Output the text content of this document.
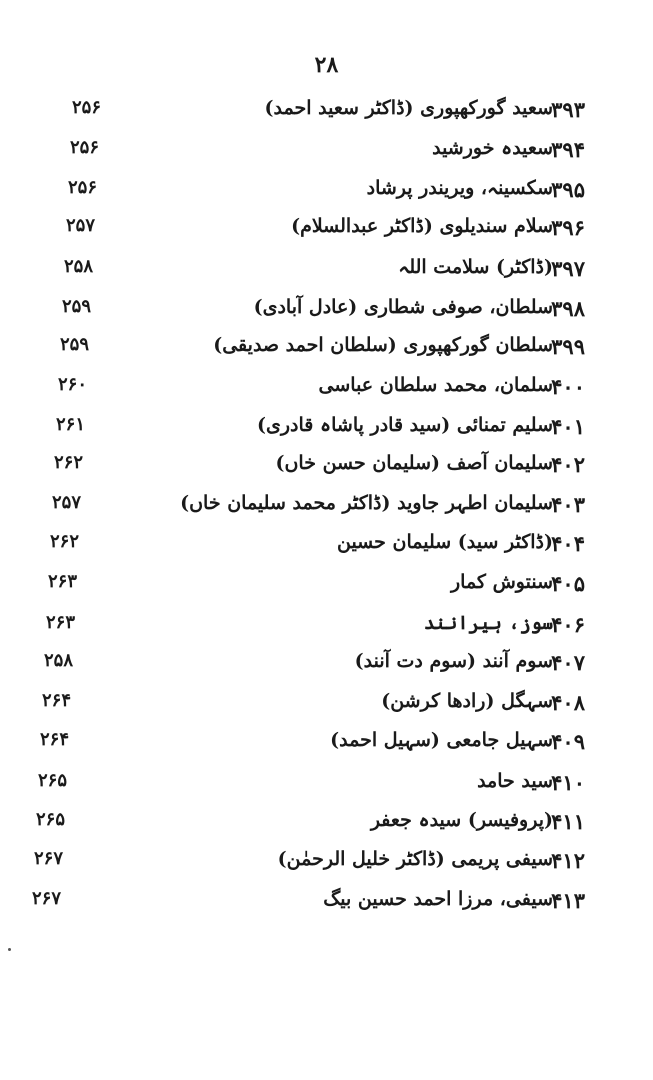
۲۸
۳۹۳
سعید گورکھپوری (ڈاکٹر سعید احمد)
۲۵۶
۳۹۴
سعیدہ خورشید
۲۵۶
۳۹۵
سکسینہ، ویریندر پرشاد
۲۵۶
۳۹۶
سلام سندیلوی (ڈاکٹر عبدالسلام)
۲۵۷
۳۹۷
(ڈاکٹر) سلامت اللہ
۲۵۸
۳۹۸
سلطان، صوفی شطاری (عادل آبادی)
۲۵۹
۳۹۹
سلطان گورکھپوری (سلطان احمد صدیقی)
۲۵۹
۴۰۰
سلمان، محمد سلطان عباسی
۲۶۰
۴۰۱
سلیم تمنائی (سید قادر پاشاہ قادری)
۲۶۱
۴۰۲
سلیمان آصف (سلیمان حسن خاں)
۲۶۲
۴۰۳
سلیمان اطہر جاوید (ڈاکٹر محمد سلیمان خاں)
۲۵۷
۴۰۴
(ڈاکٹر سید) سلیمان حسین
۲۶۲
۴۰۵
سنتوش کمار
۲۶۳
۴۰۶
سوز، ہیرانند
۲۶۳
۴۰۷
سوم آنند (سوم دت آنند)
۲۵۸
۴۰۸
سہگل (رادھا کرشن)
۲۶۴
۴۰۹
سہیل جامعی (سہیل احمد)
۲۶۴
۴۱۰
سید حامد
۲۶۵
۴۱۱
(پروفیسر) سیدہ جعفر
۲۶۵
۴۱۲
سیفی پریمی (ڈاکٹر خلیل الرحمٰن)
۲۶۷
۴۱۳
سیفی، مرزا احمد حسین بیگ
۲۶۷
